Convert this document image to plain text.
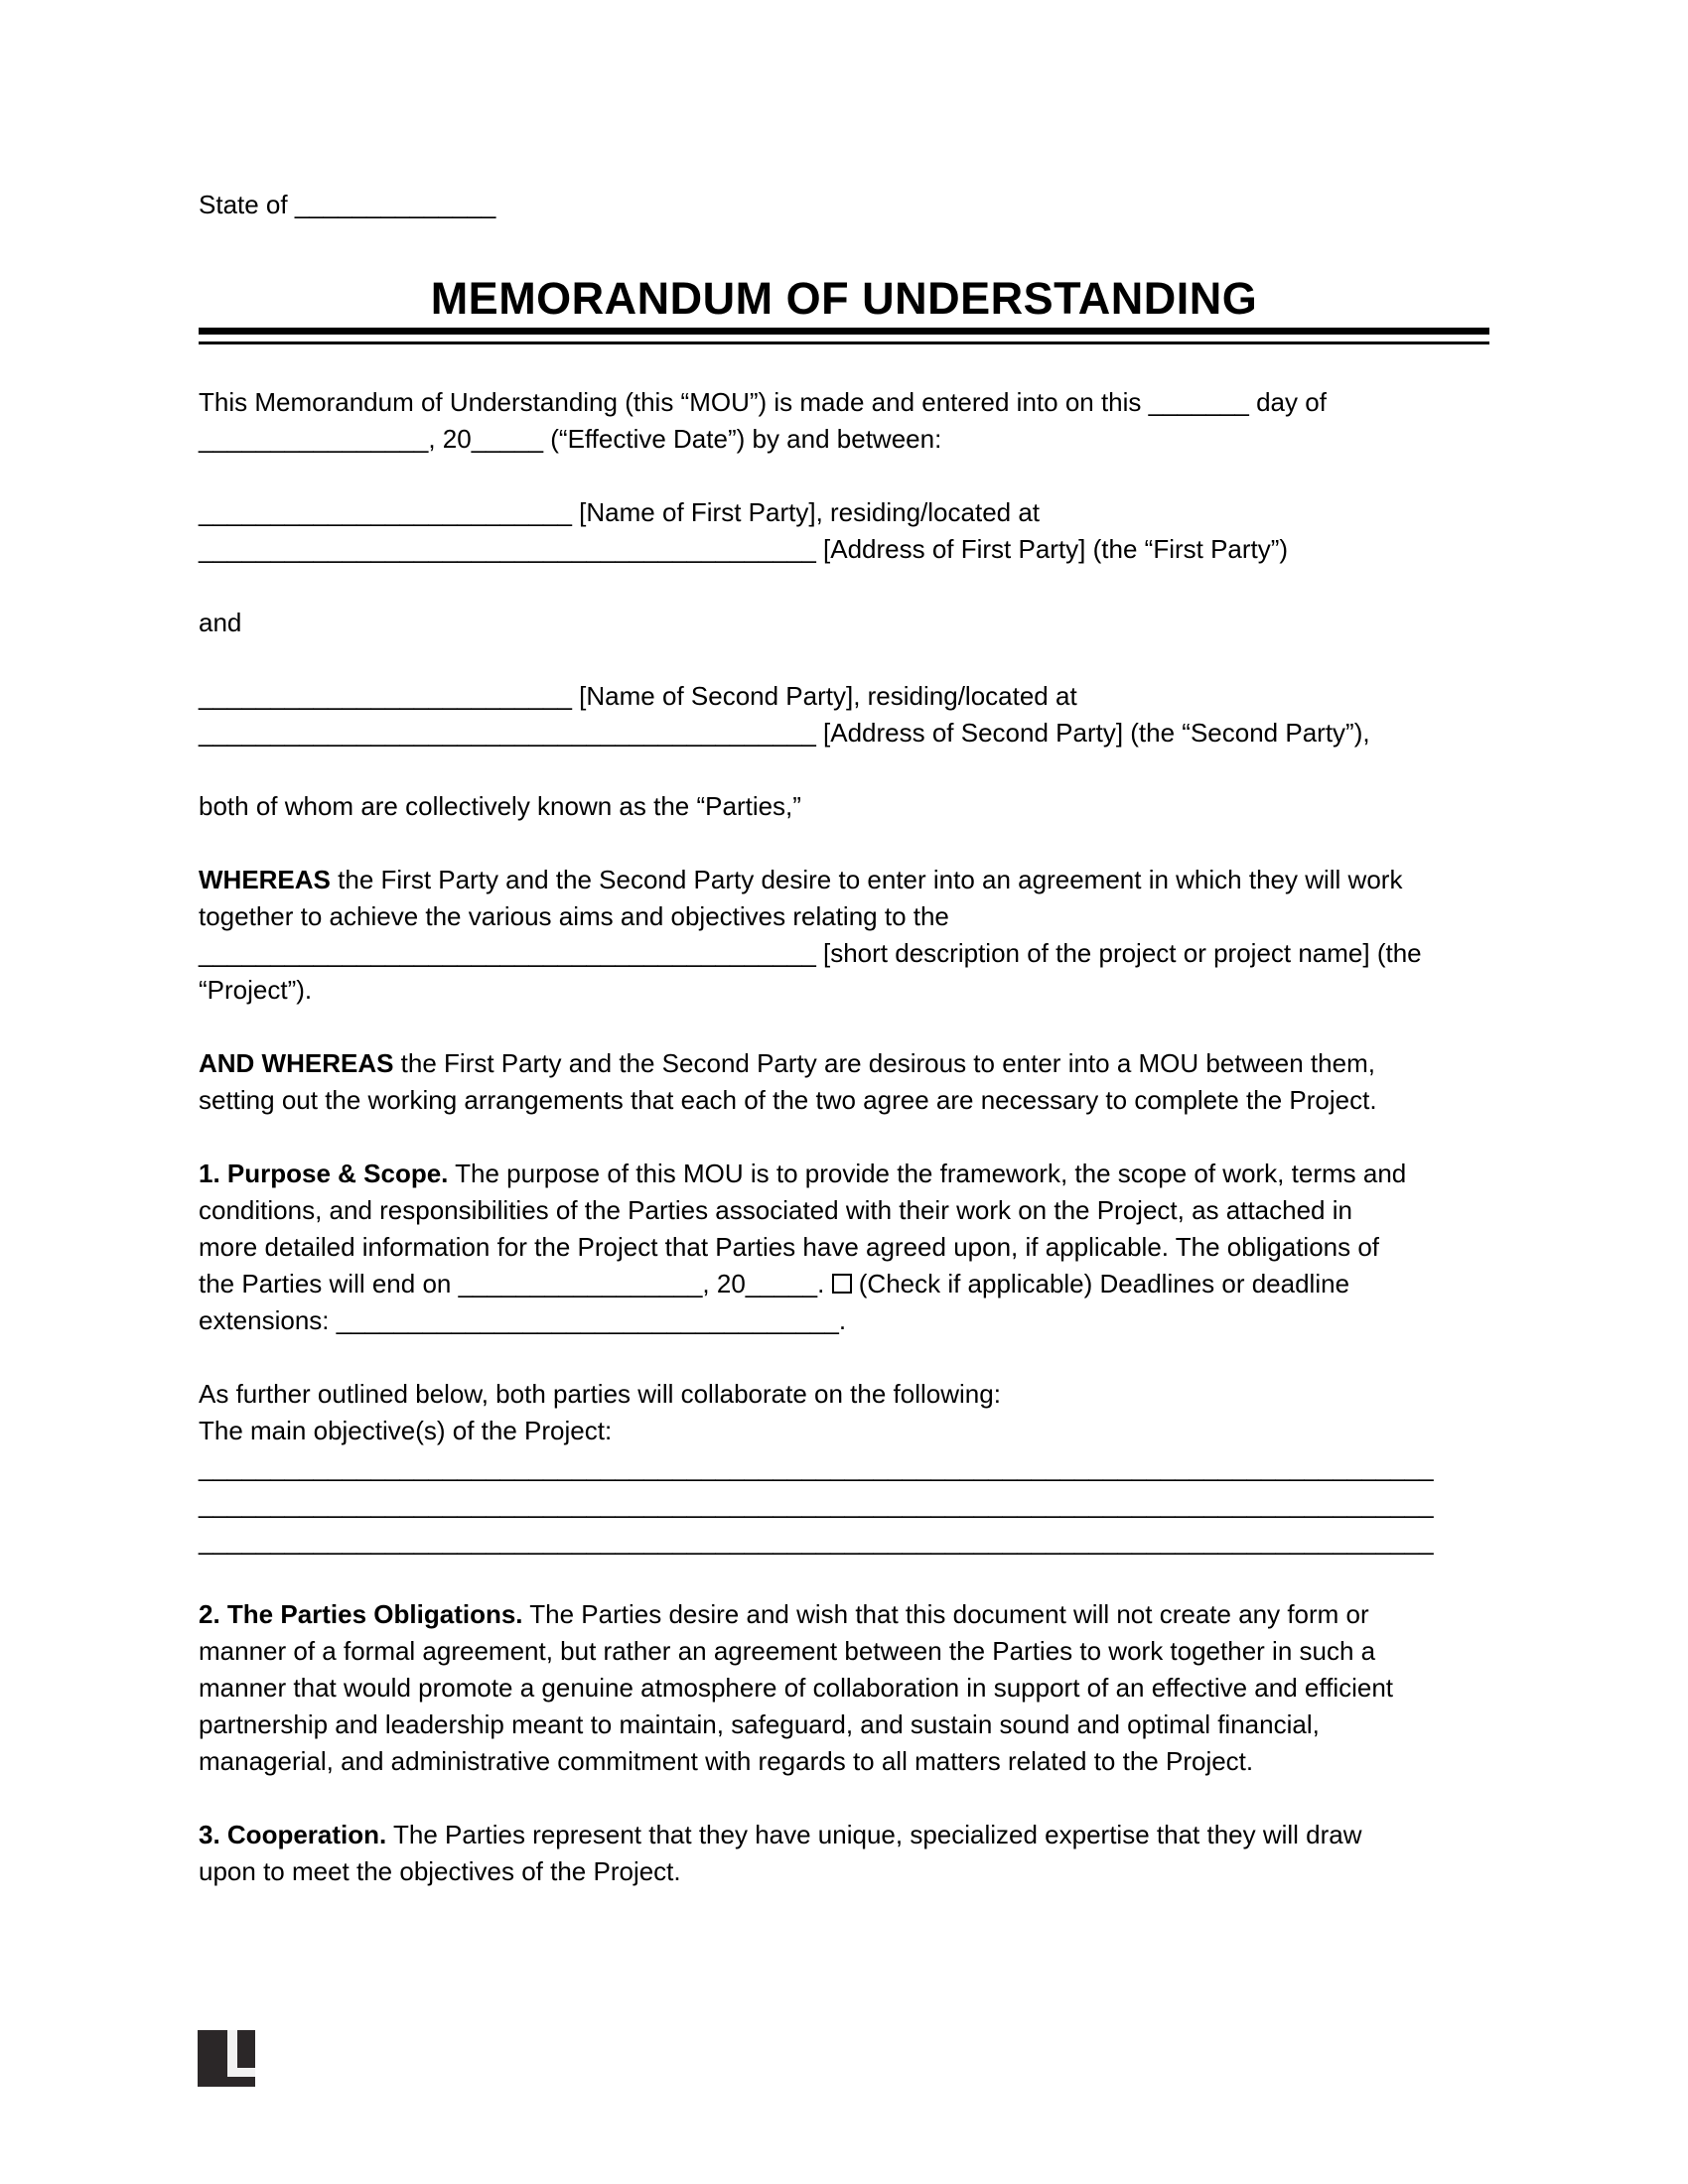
State of ______________
MEMORANDUM OF UNDERSTANDING
This Memorandum of Understanding (this “MOU”) is made and entered into on this _______ day of
________________, 20_____ (“Effective Date”) by and between:
__________________________ [Name of First Party], residing/located at
___________________________________________ [Address of First Party] (the “First Party”)
and
__________________________ [Name of Second Party], residing/located at
___________________________________________ [Address of Second Party] (the “Second Party”),
both of whom are collectively known as the “Parties,”
WHEREAS the First Party and the Second Party desire to enter into an agreement in which they will work
together to achieve the various aims and objectives relating to the
___________________________________________ [short description of the project or project name] (the
“Project”).
AND WHEREAS the First Party and the Second Party are desirous to enter into a MOU between them,
setting out the working arrangements that each of the two agree are necessary to complete the Project.
1. Purpose & Scope. The purpose of this MOU is to provide the framework, the scope of work, terms and
conditions, and responsibilities of the Parties associated with their work on the Project, as attached in
more detailed information for the Project that Parties have agreed upon, if applicable. The obligations of
the Parties will end on _________________, 20_____.  (Check if applicable) Deadlines or deadline
extensions: ___________________________________.
As further outlined below, both parties will collaborate on the following:
The main objective(s) of the Project:
______________________________________________________________________________________
______________________________________________________________________________________
______________________________________________________________________________________
2. The Parties Obligations. The Parties desire and wish that this document will not create any form or
manner of a formal agreement, but rather an agreement between the Parties to work together in such a
manner that would promote a genuine atmosphere of collaboration in support of an effective and efficient
partnership and leadership meant to maintain, safeguard, and sustain sound and optimal financial,
managerial, and administrative commitment with regards to all matters related to the Project.
3. Cooperation. The Parties represent that they have unique, specialized expertise that they will draw
upon to meet the objectives of the Project.
